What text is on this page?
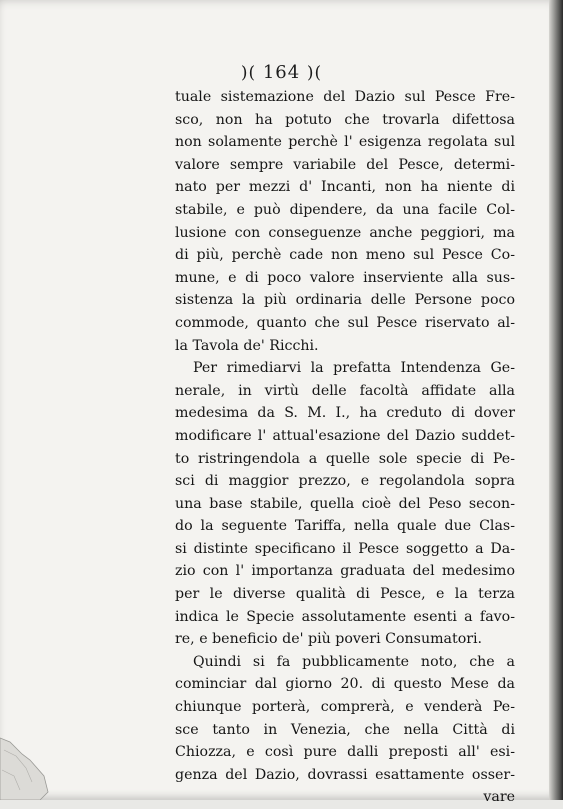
)( 164 )(
tuale sistemazione del Dazio sul Pesce Fre-
sco, non ha potuto che trovarla difettosa
non solamente perchè l' esigenza regolata sul
valore sempre variabile del Pesce, determi-
nato per mezzi d' Incanti, non ha niente di
stabile, e può dipendere, da una facile Col-
lusione con conseguenze anche peggiori, ma
di più, perchè cade non meno sul Pesce Co-
mune, e di poco valore inserviente alla sus-
sistenza la più ordinaria delle Persone poco
commode, quanto che sul Pesce riservato al-
la Tavola de' Ricchi.
Per rimediarvi la prefatta Intendenza Ge-
nerale, in virtù delle facoltà affidate alla
medesima da S. M. I., ha creduto di dover
modificare l' attual'esazione del Dazio suddet-
to ristringendola a quelle sole specie di Pe-
sci di maggior prezzo, e regolandola sopra
una base stabile, quella cioè del Peso secon-
do la seguente Tariffa, nella quale due Clas-
si distinte specificano il Pesce soggetto a Da-
zio con l' importanza graduata del medesimo
per le diverse qualità di Pesce, e la terza
indica le Specie assolutamente esenti a favo-
re, e beneficio de' più poveri Consumatori.
Quindi si fa pubblicamente noto, che a
cominciar dal giorno 20. di questo Mese da
chiunque porterà, comprerà, e venderà Pe-
sce tanto in Venezia, che nella Città di
Chiozza, e così pure dalli preposti all' esi-
genza del Dazio, dovrassi esattamente osser-
vare
